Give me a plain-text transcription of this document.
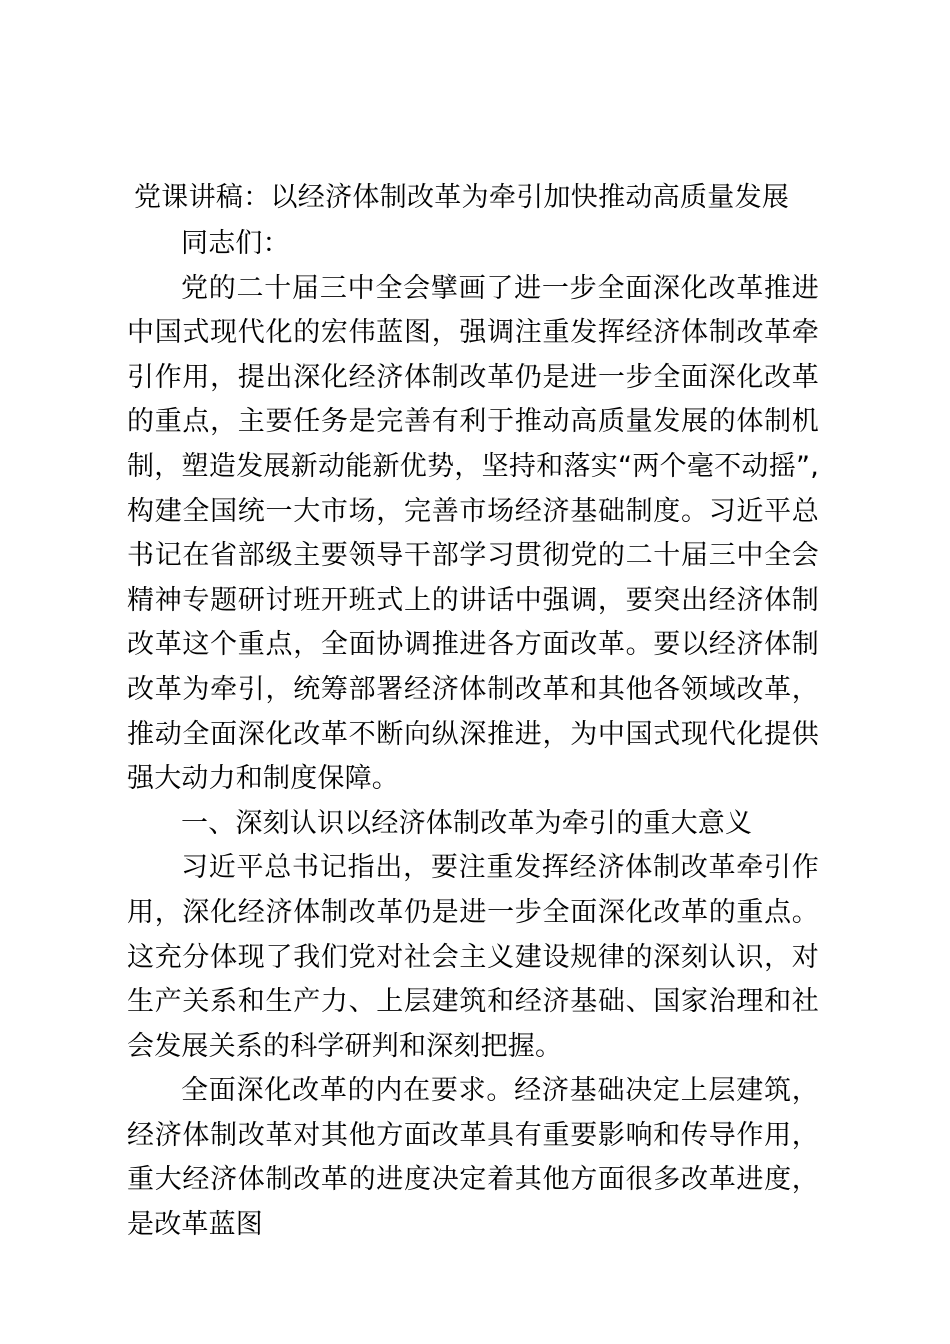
党课讲稿：以经济体制改革为牵引加快推动高质量发展

同志们：

党的二十届三中全会擘画了进一步全面深化改革推进中国式现代化的宏伟蓝图，强调注重发挥经济体制改革牵引作用，提出深化经济体制改革仍是进一步全面深化改革的重点，主要任务是完善有利于推动高质量发展的体制机制，塑造发展新动能新优势，坚持和落实“两个毫不动摇”,构建全国统一大市场，完善市场经济基础制度。习近平总书记在省部级主要领导干部学习贯彻党的二十届三中全会精神专题研讨班开班式上的讲话中强调，要突出经济体制改革这个重点，全面协调推进各方面改革。要以经济体制改革为牵引，统筹部署经济体制改革和其他各领域改革，推动全面深化改革不断向纵深推进，为中国式现代化提供强大动力和制度保障。

一、深刻认识以经济体制改革为牵引的重大意义

习近平总书记指出，要注重发挥经济体制改革牵引作用，深化经济体制改革仍是进一步全面深化改革的重点。这充分体现了我们党对社会主义建设规律的深刻认识，对生产关系和生产力、上层建筑和经济基础、国家治理和社会发展关系的科学研判和深刻把握。

全面深化改革的内在要求。经济基础决定上层建筑，经济体制改革对其他方面改革具有重要影响和传导作用，重大经济体制改革的进度决定着其他方面很多改革进度，是改革蓝图
